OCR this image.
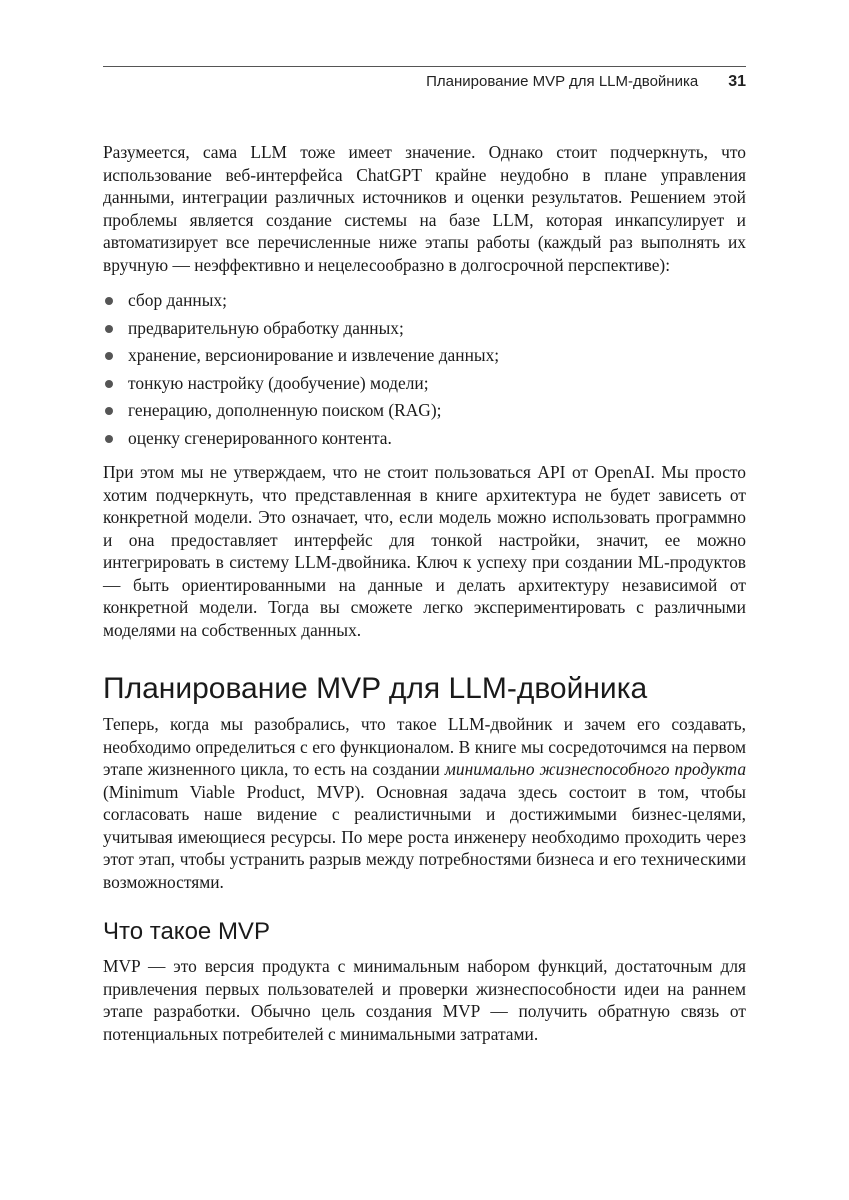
Планирование MVP для LLM-двойника 31

Разумеется, сама LLM тоже имеет значение. Однако стоит подчеркнуть, что использование веб-интерфейса ChatGPT крайне неудобно в плане управления данными, интеграции различных источников и оценки результатов. Решением этой проблемы является создание системы на базе LLM, которая инкапсулирует и автоматизирует все перечисленные ниже этапы работы (каждый раз выполнять их вручную — неэффективно и нецелесообразно в долгосрочной перспективе):

сбор данных;
предварительную обработку данных;
хранение, версионирование и извлечение данных;
тонкую настройку (дообучение) модели;
генерацию, дополненную поиском (RAG);
оценку сгенерированного контента.

При этом мы не утверждаем, что не стоит пользоваться API от OpenAI. Мы просто хотим подчеркнуть, что представленная в книге архитектура не будет зависеть от конкретной модели. Это означает, что, если модель можно использовать программно и она предоставляет интерфейс для тонкой настройки, значит, ее можно интегрировать в систему LLM-двойника. Ключ к успеху при создании ML-продуктов — быть ориентированными на данные и делать архитектуру независимой от конкретной модели. Тогда вы сможете легко экспериментировать с различными моделями на собственных данных.

Планирование MVP для LLM-двойника

Теперь, когда мы разобрались, что такое LLM-двойник и зачем его создавать, необходимо определиться с его функционалом. В книге мы сосредоточимся на первом этапе жизненного цикла, то есть на создании минимально жизнеспособного продукта (Minimum Viable Product, MVP). Основная задача здесь состоит в том, чтобы согласовать наше видение с реалистичными и достижимыми бизнес-целями, учитывая имеющиеся ресурсы. По мере роста инженеру необходимо проходить через этот этап, чтобы устранить разрыв между потребностями бизнеса и его техническими возможностями.

Что такое MVP

MVP — это версия продукта с минимальным набором функций, достаточным для привлечения первых пользователей и проверки жизнеспособности идеи на раннем этапе разработки. Обычно цель создания MVP — получить обратную связь от потенциальных потребителей с минимальными затратами.
